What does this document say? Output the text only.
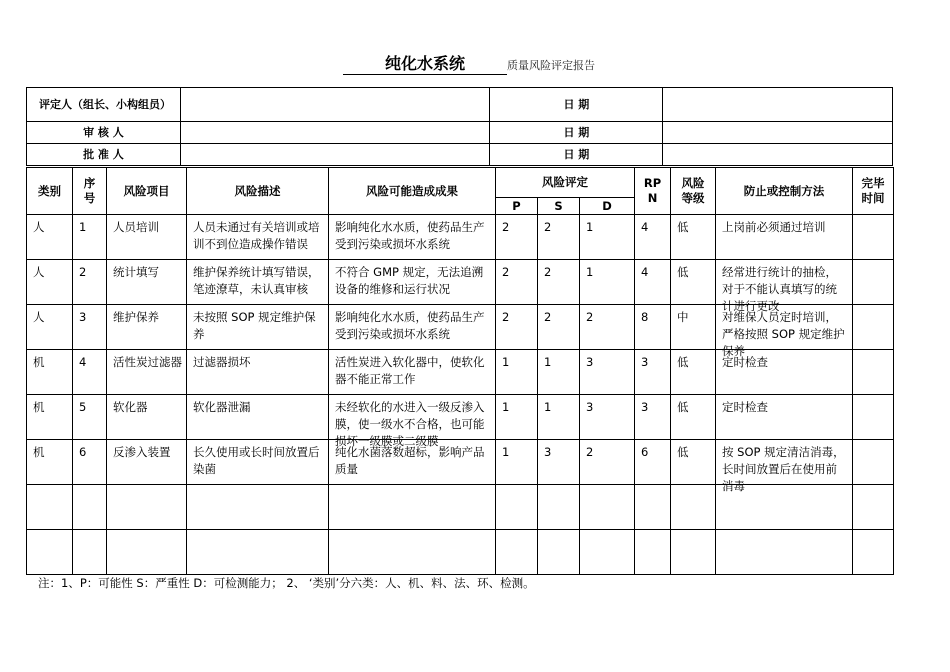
纯化水系统	质量风险评定报告
评定人（组长、小构组员）		日 期	
审 核 人		日 期	
批 准 人		日 期	
类别	序号	风险项目	风险描述	风险可能造成成果	风险评定			RPN	风险等级	防止或控制方法	完毕时间
					P	S	D				

人	1	人员培训	人员未通过有关培训或培训不到位造成操作错误	影响纯化水水质，使药品生产受到污染或损坏水系统	2	2	1	4	低	上岗前必须通过培训	

人	2	统计填写	维护保养统计填写错误，笔迹潦草，未认真审核	不符合 GMP 规定，无法追溯设备的维修和运行状况	2	2	1	4	低	经常进行统计的抽检，对于不能认真填写的统计进行更改	

人	3	维护保养	未按照 SOP 规定维护保养	影响纯化水水质，使药品生产受到污染或损坏水系统	2	2	2	8	中	对维保人员定时培训，严格按照 SOP 规定维护保养	

机	4	活性炭过滤器	过滤器损坏	活性炭进入软化器中，使软化器不能正常工作	1	1	3	3	低	定时检查	

机	5	软化器	软化器泄漏	未经软化的水进入一级反渗入膜，使一级水不合格，也可能损坏一级膜或二级膜	1	1	3	3	低	定时检查	

机	6	反渗入装置	长久使用或长时间放置后染菌	纯化水菌落数超标，影响产品质量	1	3	2	6	低	按 SOP 规定清洁消毒，长时间放置后在使用前消毒	

注：1、P：可能性 S：严重性 D：可检测能力； 2、 ‘类别’分六类：人、机、料、法、环、检测。
